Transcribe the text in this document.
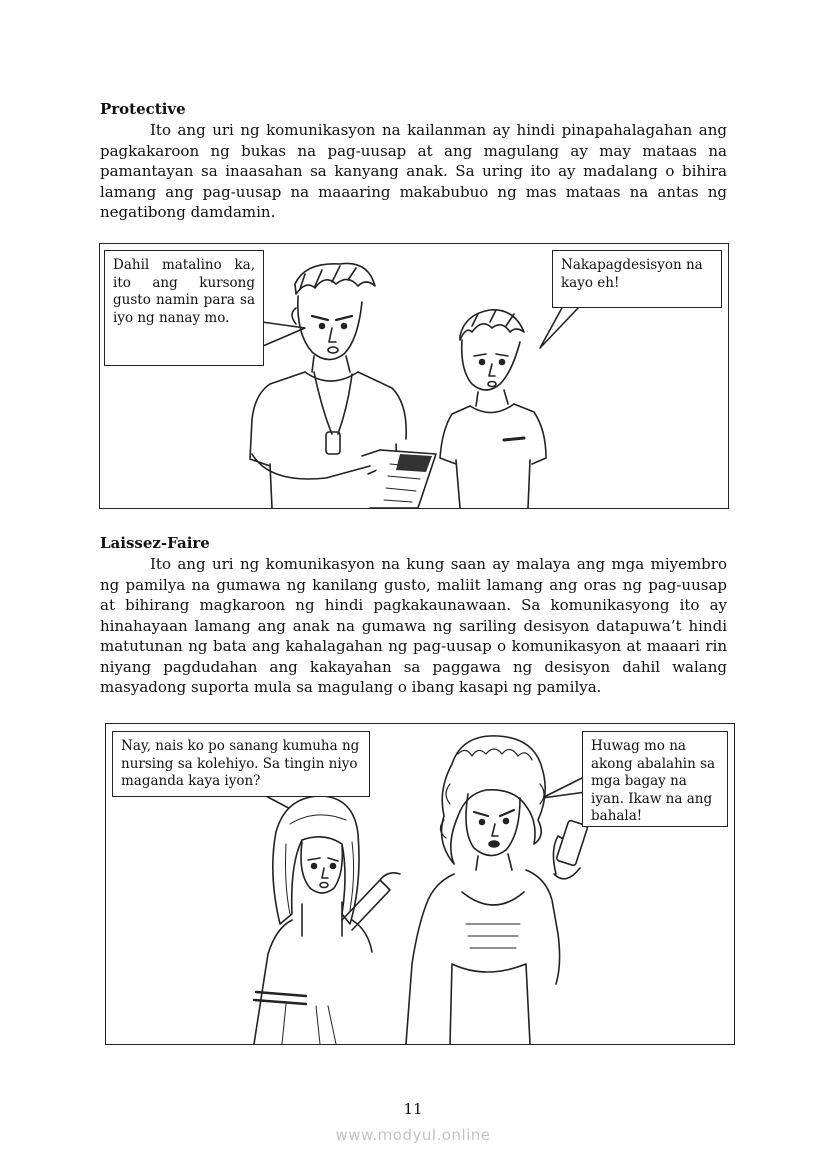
Protective
Ito ang uri ng komunikasyon na kailanman ay hindi pinapahalagahan ang pagkakaroon ng bukas na pag-uusap at ang magulang ay may mataas na pamantayan sa inaasahan sa kanyang anak. Sa uring ito ay madalang o bihira lamang ang pag-uusap na maaaring makabubuo ng mas mataas na antas ng negatibong damdamin.
Dahil matalino ka, ito ang kursong gusto namin para sa iyo ng nanay mo.
Nakapagdesisyon na kayo eh!
Laissez-Faire
Ito ang uri ng komunikasyon na kung saan ay malaya ang mga miyembro ng pamilya na gumawa ng kanilang gusto, maliit lamang ang oras ng pag-uusap at bihirang magkaroon ng hindi pagkakaunawaan. Sa komunikasyong ito ay hinahayaan lamang ang anak na gumawa ng sariling desisyon datapuwa’t hindi matutunan ng bata ang kahalagahan ng pag-uusap o komunikasyon at maaari rin niyang pagdudahan ang kakayahan sa paggawa ng desisyon dahil walang masyadong suporta mula sa magulang o ibang kasapi ng pamilya.
Nay, nais ko po sanang kumuha ng nursing sa kolehiyo. Sa tingin niyo maganda kaya iyon?
Huwag mo na akong abalahin sa mga bagay na iyan. Ikaw na ang bahala!
11
www.modyul.online
